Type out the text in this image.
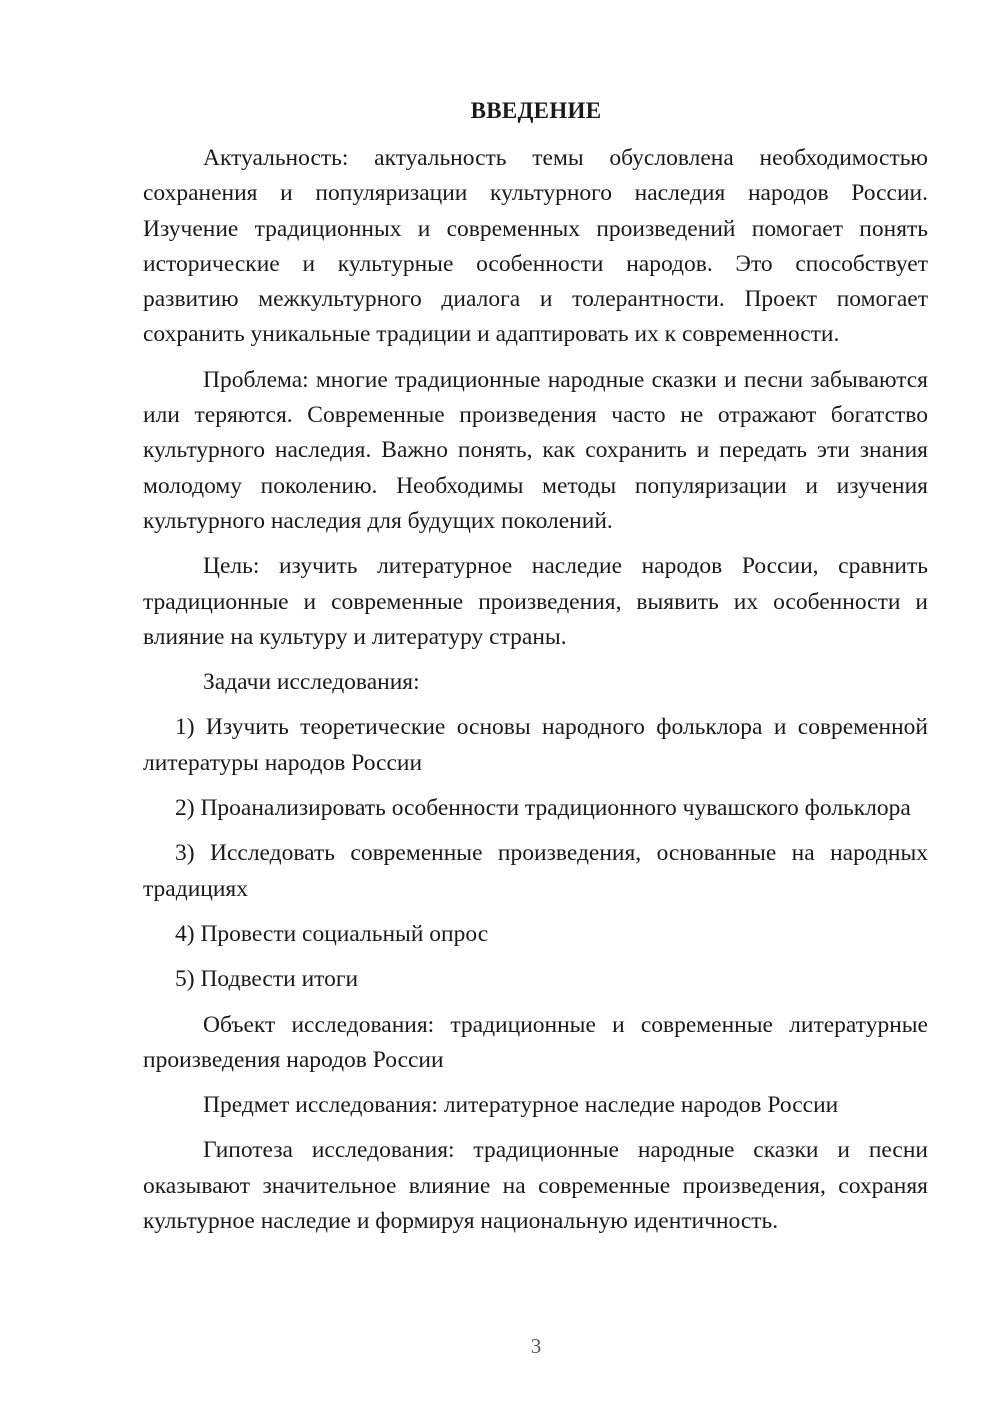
ВВЕДЕНИЕ

Актуальность: актуальность темы обусловлена необходимостью сохранения и популяризации культурного наследия народов России. Изучение традиционных и современных произведений помогает понять исторические и культурные особенности народов. Это способствует развитию межкультурного диалога и толерантности. Проект помогает сохранить уникальные традиции и адаптировать их к современности.

Проблема: многие традиционные народные сказки и песни забываются или теряются. Современные произведения часто не отражают богатство культурного наследия. Важно понять, как сохранить и передать эти знания молодому поколению. Необходимы методы популяризации и изучения культурного наследия для будущих поколений.

Цель: изучить литературное наследие народов России, сравнить традиционные и современные произведения, выявить их особенности и влияние на культуру и литературу страны.

Задачи исследования:

1) Изучить теоретические основы народного фольклора и современной литературы народов России

2) Проанализировать особенности традиционного чувашского фольклора

3) Исследовать современные произведения, основанные на народных традициях

4) Провести социальный опрос

5) Подвести итоги

Объект исследования: традиционные и современные литературные произведения народов России

Предмет исследования: литературное наследие народов России

Гипотеза исследования: традиционные народные сказки и песни оказывают значительное влияние на современные произведения, сохраняя культурное наследие и формируя национальную идентичность.

3
